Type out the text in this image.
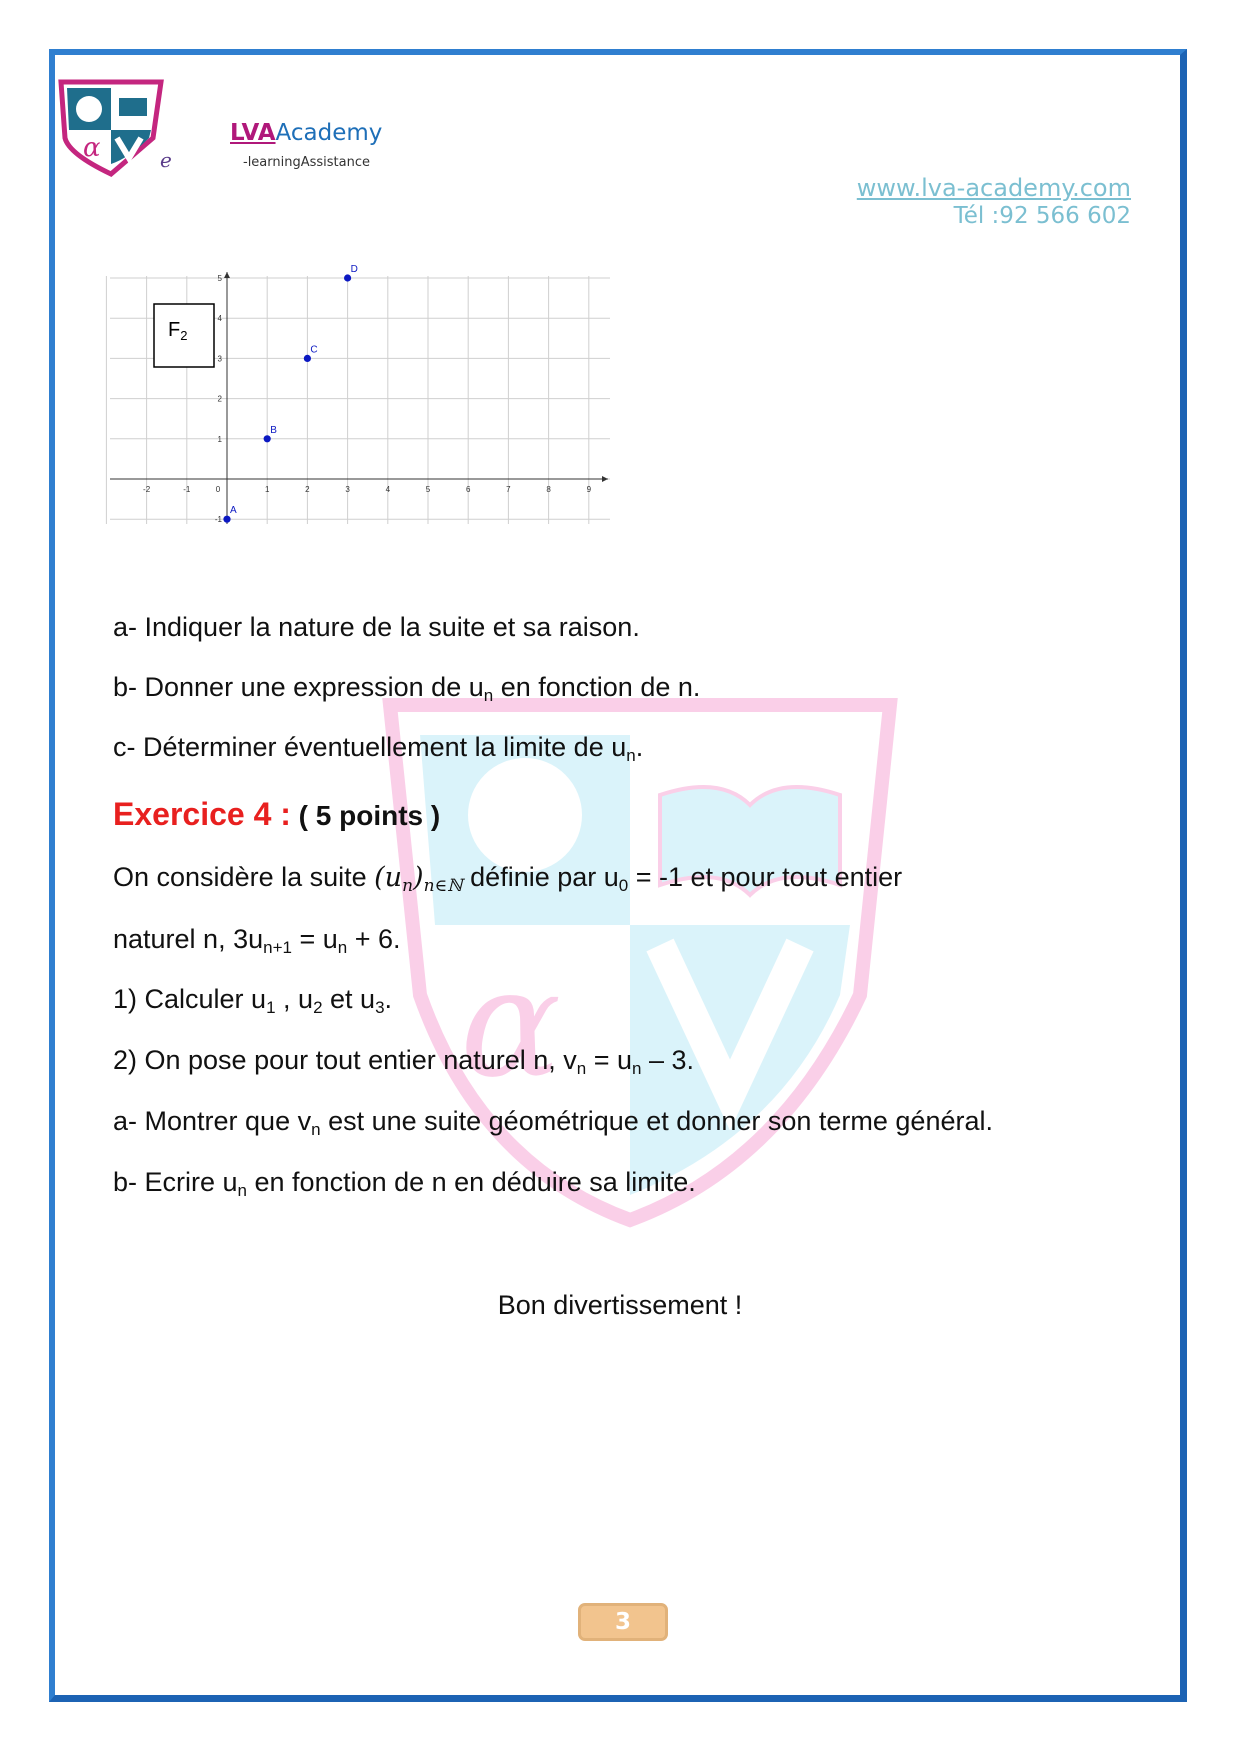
α	e
LVAAcademy
-learningAssistance
www.lva-academy.com
Tél :92 566 602
α
-2	-1	0	1	2	3	4	5	6	7	8	9
1
2
3
4
5
-1
A
B
C
D
$F_2$
a- Indiquer la nature de la suite et sa raison.
b- Donner une expression de $u_n$ en fonction de n.
c- Déterminer éventuellement la limite de $u_n$.
Exercice 4 : ( 5 points )
On considère la suite $(u_n)_{n\in ℕ}$ définie par $u_0 = -1$ et pour tout entier
naturel n, $3u_{n+1} = u_n + 6$.
1) Calculer $u_1$ , $u_2$ et $u_3$.
2) On pose pour tout entier naturel n, $v_n = u_n - 3$.
a- Montrer que $v_n$ est une suite géométrique et donner son terme général.
b- Ecrire $u_n$ en fonction de n en déduire sa limite.
Bon divertissement !
3
